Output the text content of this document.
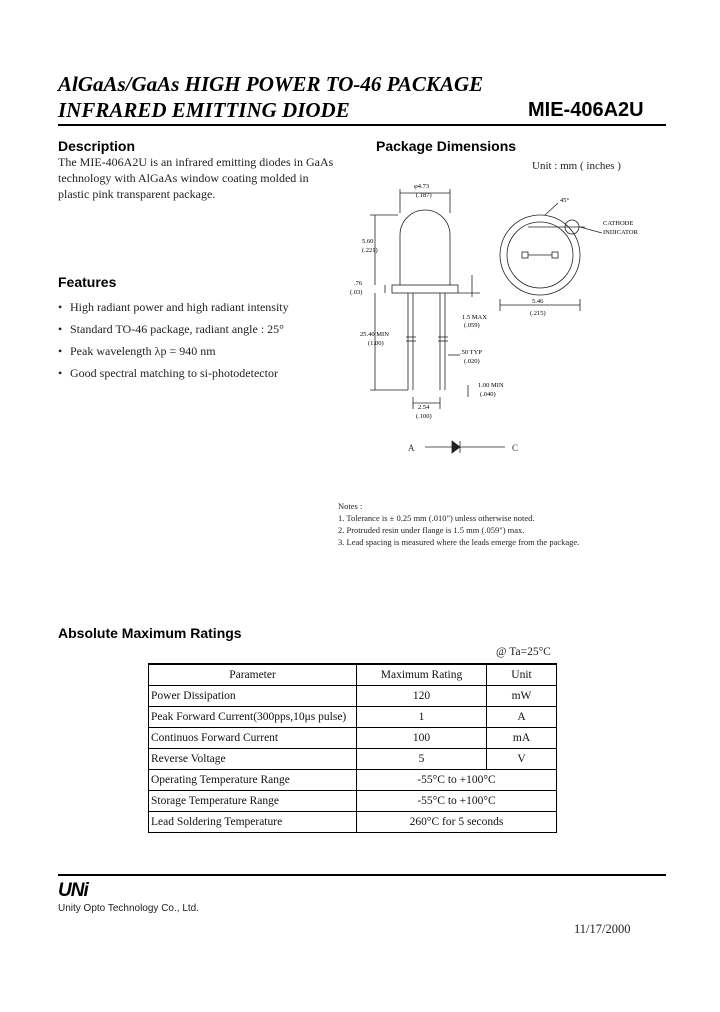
AlGaAs/GaAs HIGH POWER TO-46 PACKAGE
INFRARED EMITTING DIODE	MIE-406A2U
Description
The MIE-406A2U is an infrared emitting diodes in GaAs
technology with AlGaAs window coating molded in
plastic pink transparent package.
Features
• High radiant power and high radiant intensity
• Standard TO-46 package, radiant angle : 25°
• Peak wavelength λp = 940 nm
• Good spectral matching to si-photodetector
Package Dimensions
Unit : mm ( inches )
φ4.73
(.187)
5.60
(.221)
.76
(.03)
1.5 MAX
(.059)
25.40 MIN
(1.00)
.50 TYP
(.020)
1.00 MIN
(.040)
2.54
(.100)
45°
CATHODE
INDICATOR
5.46
(.215)
A	C
Notes :
1. Tolerance is ± 0.25 mm (.010") unless otherwise noted.
2. Protruded resin under flange is 1.5 mm (.059") max.
3. Lead spacing is measured where the leads emerge from the package.
Absolute Maximum Ratings
@ Ta=25°C
Parameter	Maximum Rating	Unit
Power Dissipation	120	mW
Peak Forward Current(300pps,10μs pulse)	1	A
Continuos Forward Current	100	mA
Reverse Voltage	5	V
Operating Temperature Range	-55°C to +100°C	
Storage Temperature Range	-55°C to +100°C	
Lead Soldering Temperature	260°C for 5 seconds	
UNi
Unity Opto Technology Co., Ltd.
11/17/2000
